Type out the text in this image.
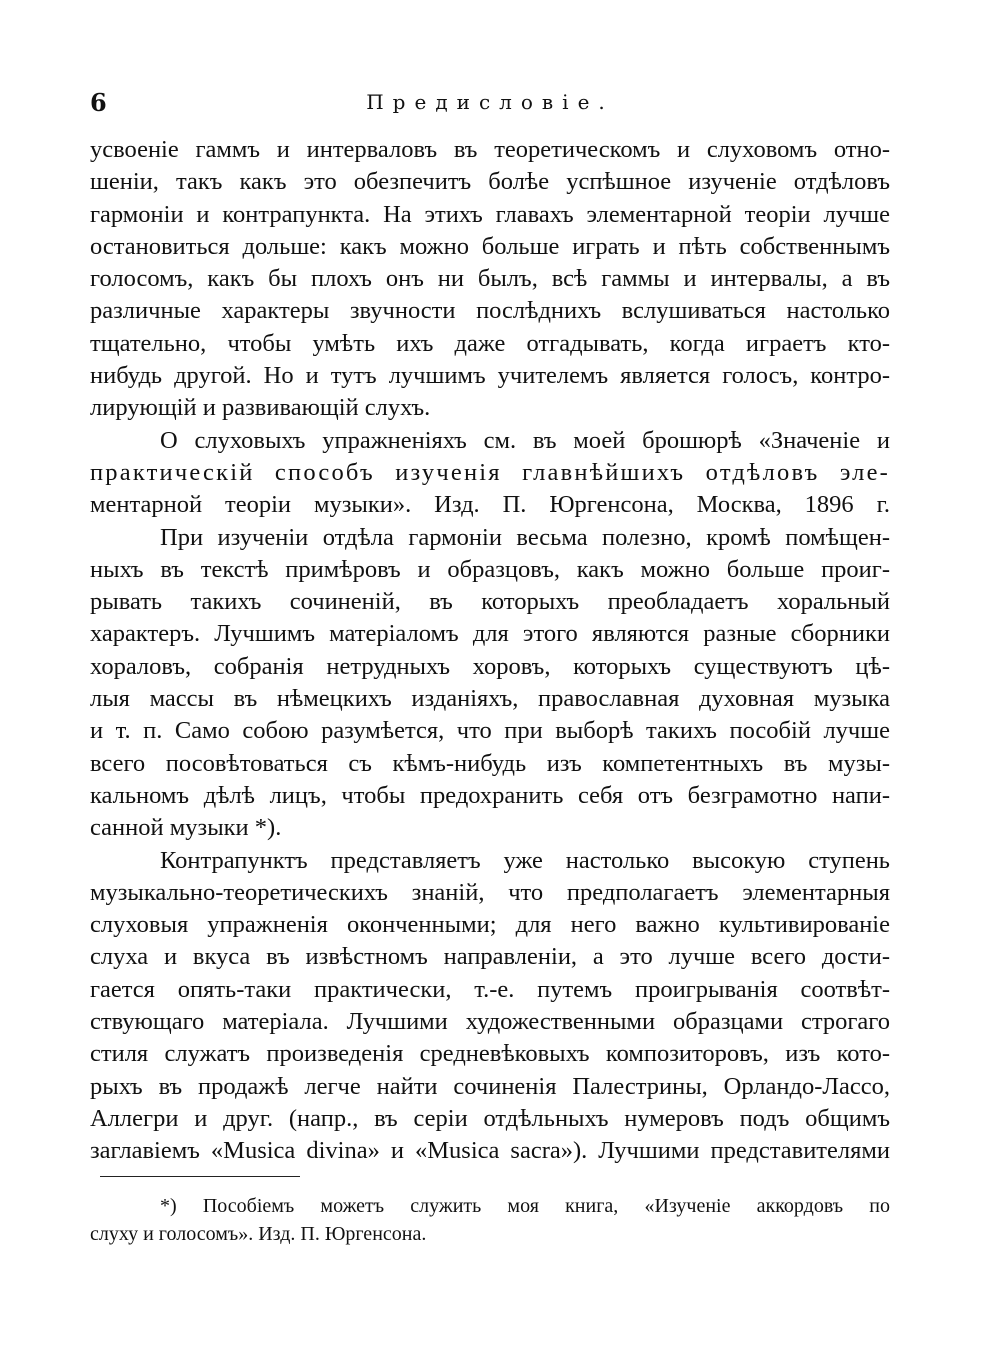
6	Предисловiе.
усвоенiе гаммъ и интерваловъ въ теоретическомъ и слуховомъ отно-
шенiи, такъ какъ это обезпечитъ болѣе успѣшное изученiе отдѣловъ
гармонiи и контрапункта. На этихъ главахъ элементарной теорiи лучше
остановиться дольше: какъ можно больше играть и пѣть собственнымъ
голосомъ, какъ бы плохъ онъ ни былъ, всѣ гаммы и интервалы, а въ
различные характеры звучности послѣднихъ вслушиваться настолько
тщательно, чтобы умѣть ихъ даже отгадывать, когда играетъ кто-
нибудь другой. Но и тутъ лучшимъ учителемъ является голосъ, контро-
лирующiй и развивающiй слухъ.
О слуховыхъ упражненiяхъ см. въ моей брошюрѣ «Значенiе и
практическiй способъ изученiя главнѣйшихъ отдѣловъ эле-
ментарной теорiи музыки». Изд. П. Юргенсона, Москва, 1896 г.
При изученiи отдѣла гармонiи весьма полезно, кромѣ помѣщен-
ныхъ въ текстѣ примѣровъ и образцовъ, какъ можно больше проиг-
рывать такихъ сочиненiй, въ которыхъ преобладаетъ хоральный
характеръ. Лучшимъ матерiаломъ для этого являются разные сборники
хораловъ, собранiя нетрудныхъ хоровъ, которыхъ существуютъ цѣ-
лыя массы въ нѣмецкихъ изданiяхъ, православная духовная музыка
и т. п. Само собою разумѣется, что при выборѣ такихъ пособiй лучше
всего посовѣтоваться съ кѣмъ-нибудь изъ компетентныхъ въ музы-
кальномъ дѣлѣ лицъ, чтобы предохранить себя отъ безграмотно напи-
санной музыки *).
Контрапунктъ представляетъ уже настолько высокую ступень
музыкально-теоретическихъ знанiй, что предполагаетъ элементарныя
слуховыя упражненiя оконченными; для него важно культивированiе
слуха и вкуса въ извѣстномъ направленiи, а это лучше всего дости-
гается опять-таки практически, т.-е. путемъ проигрыванiя соотвѣт-
ствующаго матерiала. Лучшими художественными образцами строгаго
стиля служатъ произведенiя средневѣковыхъ композиторовъ, изъ кото-
рыхъ въ продажѣ легче найти сочиненiя Палестрины, Орландо-Лассо,
Аллегри и друг. (напр., въ серiи отдѣльныхъ нумеровъ подъ общимъ
заглавiемъ «Musica divina» и «Musica sacra»). Лучшими представителями
*) Пособiемъ можетъ служить моя книга, «Изученiе аккордовъ по
слуху и голосомъ». Изд. П. Юргенсона.
